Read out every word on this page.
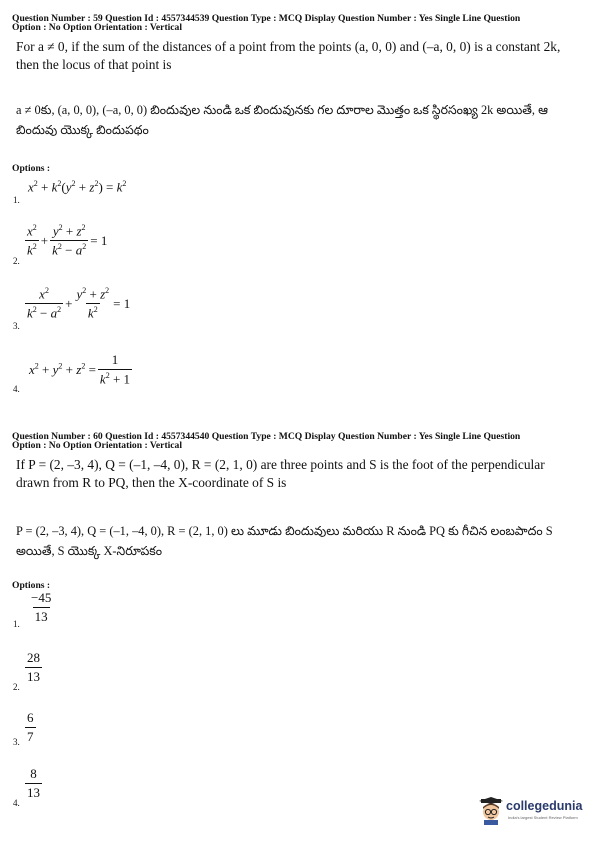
Question Number : 59 Question Id : 4557344539 Question Type : MCQ Display Question Number : Yes Single Line Question
Option : No Option Orientation : Vertical
For a ≠ 0, if the sum of the distances of a point from the points (a, 0, 0) and (–a, 0, 0) is a constant 2k, then the locus of that point is
a ≠ 0కు, (a, 0, 0), (–a, 0, 0) బిందువుల నుండి ఒక బిందువునకు గల దూరాల మొత్తం ఒక స్థిరసంఖ్య 2k అయితే, ఆ బిందువు యొక్క బిందుపథం
Options :
1.
$x^2 + k^2(y^2 + z^2) = k^2$
2.
$\frac{x^2}{k^2} + \frac{y^2 + z^2}{k^2 - a^2} = 1$
3.
$\frac{x^2}{k^2 - a^2} + \frac{y^2 + z^2}{k^2} = 1$
4.
$x^2 + y^2 + z^2 = \frac{1}{k^2 + 1}$
Question Number : 60 Question Id : 4557344540 Question Type : MCQ Display Question Number : Yes Single Line Question
Option : No Option Orientation : Vertical
If P = (2, –3, 4), Q = (–1, –4, 0), R = (2, 1, 0) are three points and S is the foot of the perpendicular drawn from R to PQ, then the X-coordinate of S is
P = (2, –3, 4), Q = (–1, –4, 0), R = (2, 1, 0) లు మూడు బిందువులు మరియు R నుండి PQ కు గీచిన లంబపాదం S అయితే, S యొక్క X-నిరూపకం
Options :
1. $\frac{-45}{13}$
2.
$\frac{28}{13}$
3. $\frac{6}{7}$
4.
$\frac{8}{13}$
collegedunia
India's largest Student Review Platform
